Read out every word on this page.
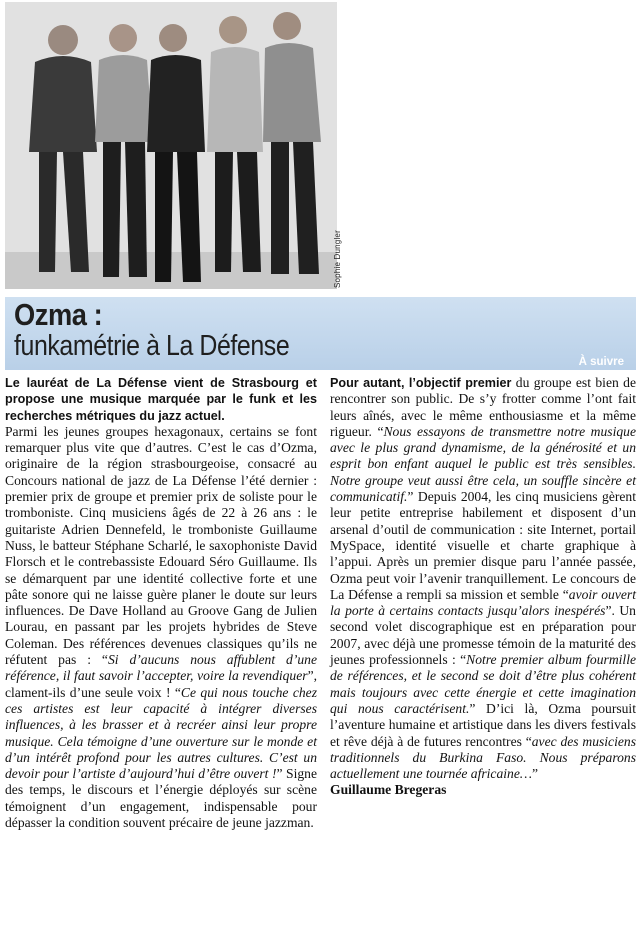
Sophie Dungler
Ozma :
funkamétrie à La Défense	À suivre

Le lauréat de La Défense vient de Strasbourg et propose une musique marquée par le funk et les recherches métriques du jazz actuel.

Parmi les jeunes groupes hexagonaux, certains se font remarquer plus vite que d’autres. C’est le cas d’Ozma, originaire de la région strasbourgeoise, consacré au Concours national de jazz de La Défense l’été dernier : premier prix de groupe et premier prix de soliste pour le tromboniste. Cinq musiciens âgés de 22 à 26 ans : le guitariste Adrien Dennefeld, le tromboniste Guillaume Nuss, le batteur Stéphane Scharlé, le saxophoniste David Florsch et le contrebassiste Edouard Séro Guillaume. Ils se démarquent par une identité collective forte et une pâte sonore qui ne laisse guère planer le doute sur leurs influences. De Dave Holland au Groove Gang de Julien Lourau, en passant par les projets hybrides de Steve Coleman. Des références devenues classiques qu’ils ne réfutent pas : “Si d’aucuns nous affublent d’une référence, il faut savoir l’accepter, voire la revendiquer”, clament-ils d’une seule voix ! “Ce qui nous touche chez ces artistes est leur capacité à intégrer diverses influences, à les brasser et à recréer ainsi leur propre musique. Cela témoigne d’une ouverture sur le monde et d’un intérêt profond pour les autres cultures. C’est un devoir pour l’artiste d’aujourd’hui d’être ouvert !” Signe des temps, le discours et l’énergie déployés sur scène témoignent d’un engagement, indispensable pour dépasser la condition souvent précaire de jeune jazzman.

Pour autant, l’objectif premier du groupe est bien de rencontrer son public. De s’y frotter comme l’ont fait leurs aînés, avec le même enthousiasme et la même rigueur. “Nous essayons de transmettre notre musique avec le plus grand dynamisme, de la générosité et un esprit bon enfant auquel le public est très sensibles. Notre groupe veut aussi être cela, un souffle sincère et communicatif.” Depuis 2004, les cinq musiciens gèrent leur petite entreprise habilement et disposent d’un arsenal d’outil de communication : site Internet, portail MySpace, identité visuelle et charte graphique à l’appui. Après un premier disque paru l’année passée, Ozma peut voir l’avenir tranquillement. Le concours de La Défense a rempli sa mission et semble “avoir ouvert la porte à certains contacts jusqu’alors inespérés”. Un second volet discographique est en préparation pour 2007, avec déjà une promesse témoin de la maturité des jeunes professionnels : “Notre premier album fourmille de références, et le second se doit d’être plus cohérent mais toujours avec cette énergie et cette imagination qui nous caractérisent.” D’ici là, Ozma poursuit l’aventure humaine et artistique dans les divers festivals et rêve déjà à de futures rencontres “avec des musiciens traditionnels du Burkina Faso. Nous préparons actuellement une tournée africaine…”

Guillaume Bregeras
